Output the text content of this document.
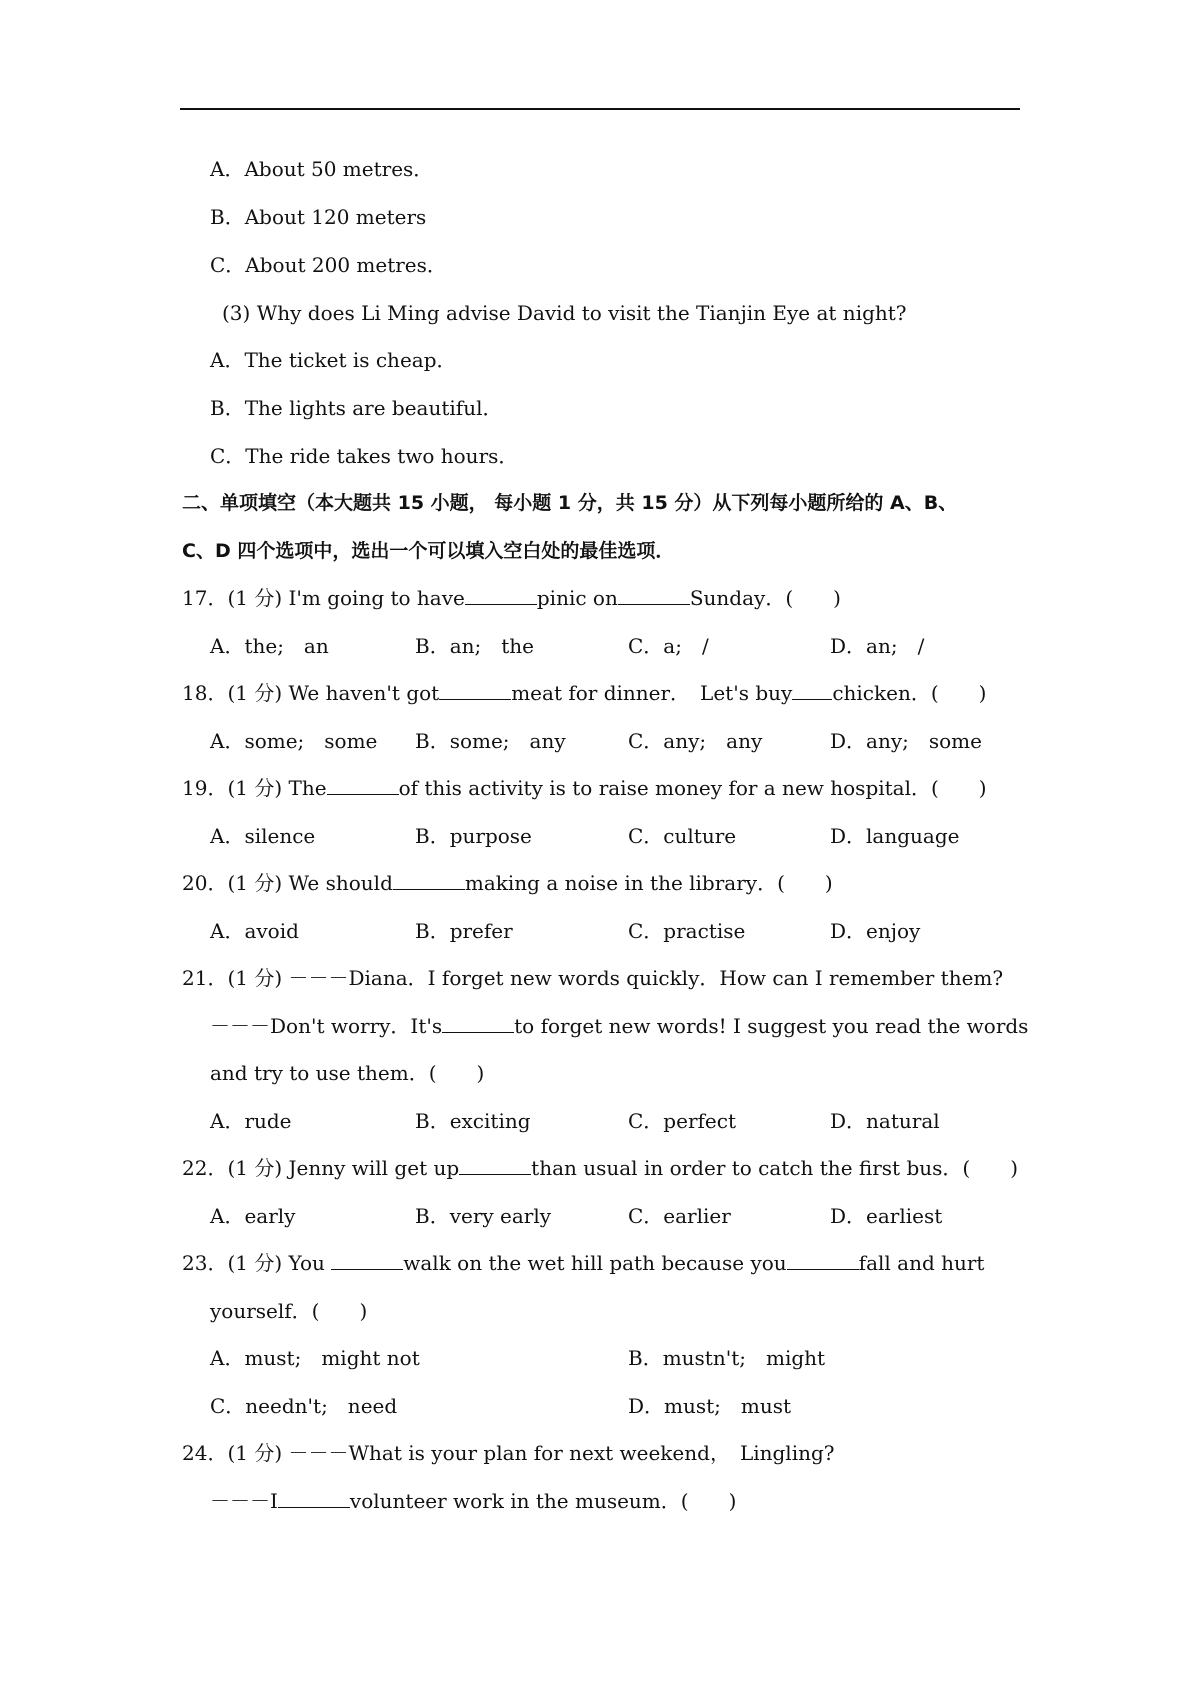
A．About 50 metres．
B．About 120 meters
C．About 200 metres．
(3) Why does Li Ming advise David to visit the Tianjin Eye at night?
A．The ticket is cheap．
B．The lights are beautiful．
C．The ride takes two hours．
二、单项填空（本大题共 15 小题， 每小题 1 分，共 15 分）从下列每小题所给的 A、B、
C、D 四个选项中，选出一个可以填入空白处的最佳选项．
17．(1 分) I'm going to have	pinic on	Sunday．(　　)
A．the;　an	B．an;　the	C．a;　/	D．an;　/
18．(1 分) We haven't got	meat for dinner．　Let's buy chicken．(　　)
A．some;　some B．some;　any	C．any;　any	D．any;　some
19．(1 分) The	of this activity is to raise money for a new hospital．(　　)
A．silence	B．purpose	C．culture	D．language
20．(1 分) We should	making a noise in the library．(　　)
A．avoid	B．prefer	C．practise	D．enjoy
21．(1 分) －－－Diana．I forget new words quickly．How can I remember them?
－－－Don't worry．It's	to forget new words! I suggest you read the words
and try to use them．(　　)
A．rude	B．exciting	C．perfect	D．natural
22．(1 分) Jenny will get up	than usual in order to catch the first bus．(　　)
A．early	B．very early	C．earlier	D．earliest
23．(1 分) You	walk on the wet hill path because you	fall and hurt
yourself．(　　)
A．must;　might not	B．mustn't;　might
C．needn't;　need	D．must;　must
24．(1 分) －－－What is your plan for next weekend，　Lingling?
－－－I	volunteer work in the museum．(　　)
